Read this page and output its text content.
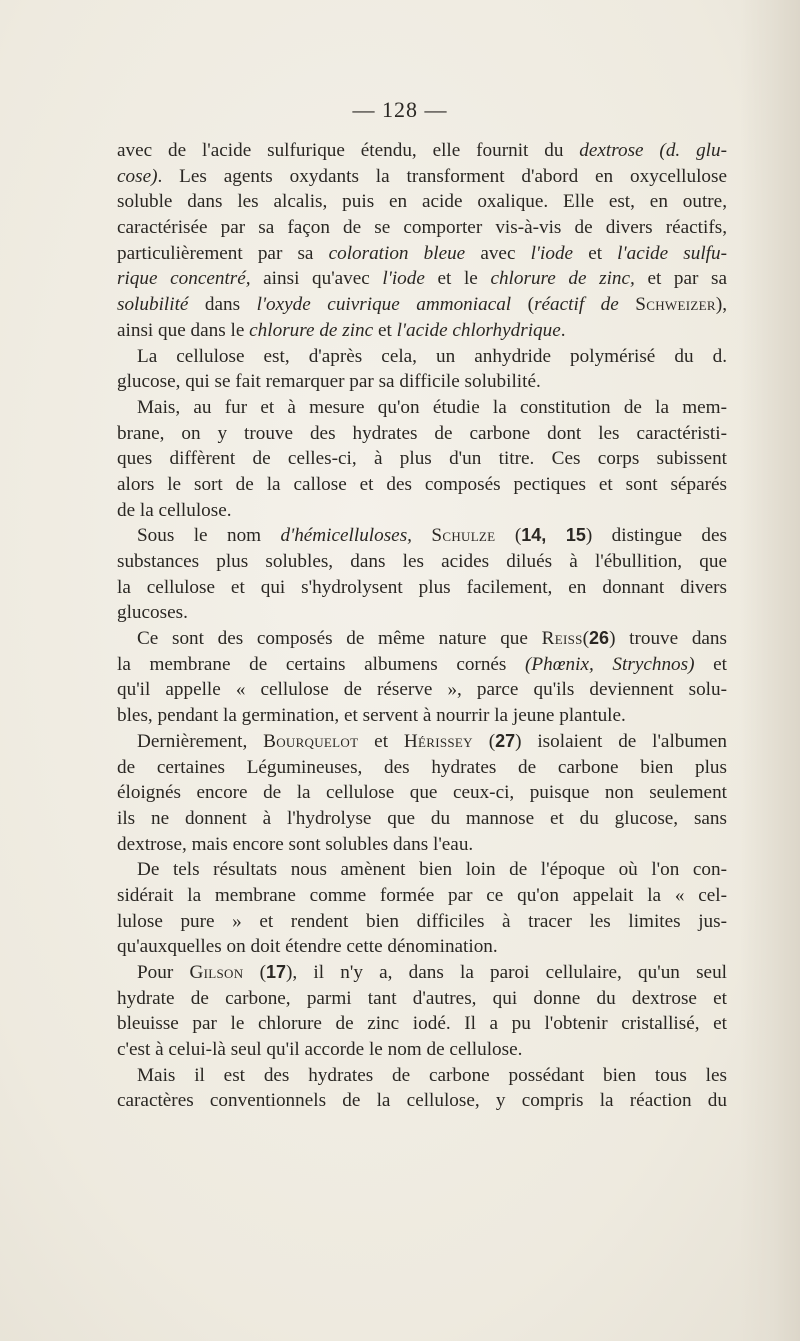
— 128 —
avec de l'acide sulfurique étendu, elle fournit du dextrose (d. glu-
cose). Les agents oxydants la transforment d'abord en oxycellulose
soluble dans les alcalis, puis en acide oxalique. Elle est, en outre,
caractérisée par sa façon de se comporter vis-à-vis de divers réactifs,
particulièrement par sa coloration bleue avec l'iode et l'acide sulfu-
rique concentré, ainsi qu'avec l'iode et le chlorure de zinc, et par sa
solubilité dans l'oxyde cuivrique ammoniacal (réactif de Schweizer),
ainsi que dans le chlorure de zinc et l'acide chlorhydrique.
La cellulose est, d'après cela, un anhydride polymérisé du d.
glucose, qui se fait remarquer par sa difficile solubilité.
Mais, au fur et à mesure qu'on étudie la constitution de la mem-
brane, on y trouve des hydrates de carbone dont les caractéristi-
ques diffèrent de celles-ci, à plus d'un titre. Ces corps subissent
alors le sort de la callose et des composés pectiques et sont séparés
de la cellulose.
Sous le nom d'hémicelluloses, Schulze (14, 15) distingue des
substances plus solubles, dans les acides dilués à l'ébullition, que
la cellulose et qui s'hydrolysent plus facilement, en donnant divers
glucoses.
Ce sont des composés de même nature que Reiss(26) trouve dans
la membrane de certains albumens cornés (Phœnix, Strychnos) et
qu'il appelle « cellulose de réserve », parce qu'ils deviennent solu-
bles, pendant la germination, et servent à nourrir la jeune plantule.
Dernièrement, Bourquelot et Hérissey (27) isolaient de l'albumen
de certaines Légumineuses, des hydrates de carbone bien plus
éloignés encore de la cellulose que ceux-ci, puisque non seulement
ils ne donnent à l'hydrolyse que du mannose et du glucose, sans
dextrose, mais encore sont solubles dans l'eau.
De tels résultats nous amènent bien loin de l'époque où l'on con-
sidérait la membrane comme formée par ce qu'on appelait la « cel-
lulose pure » et rendent bien difficiles à tracer les limites jus-
qu'auxquelles on doit étendre cette dénomination.
Pour Gilson (17), il n'y a, dans la paroi cellulaire, qu'un seul
hydrate de carbone, parmi tant d'autres, qui donne du dextrose et
bleuisse par le chlorure de zinc iodé. Il a pu l'obtenir cristallisé, et
c'est à celui-là seul qu'il accorde le nom de cellulose.
Mais il est des hydrates de carbone possédant bien tous les
caractères conventionnels de la cellulose, y compris la réaction du
